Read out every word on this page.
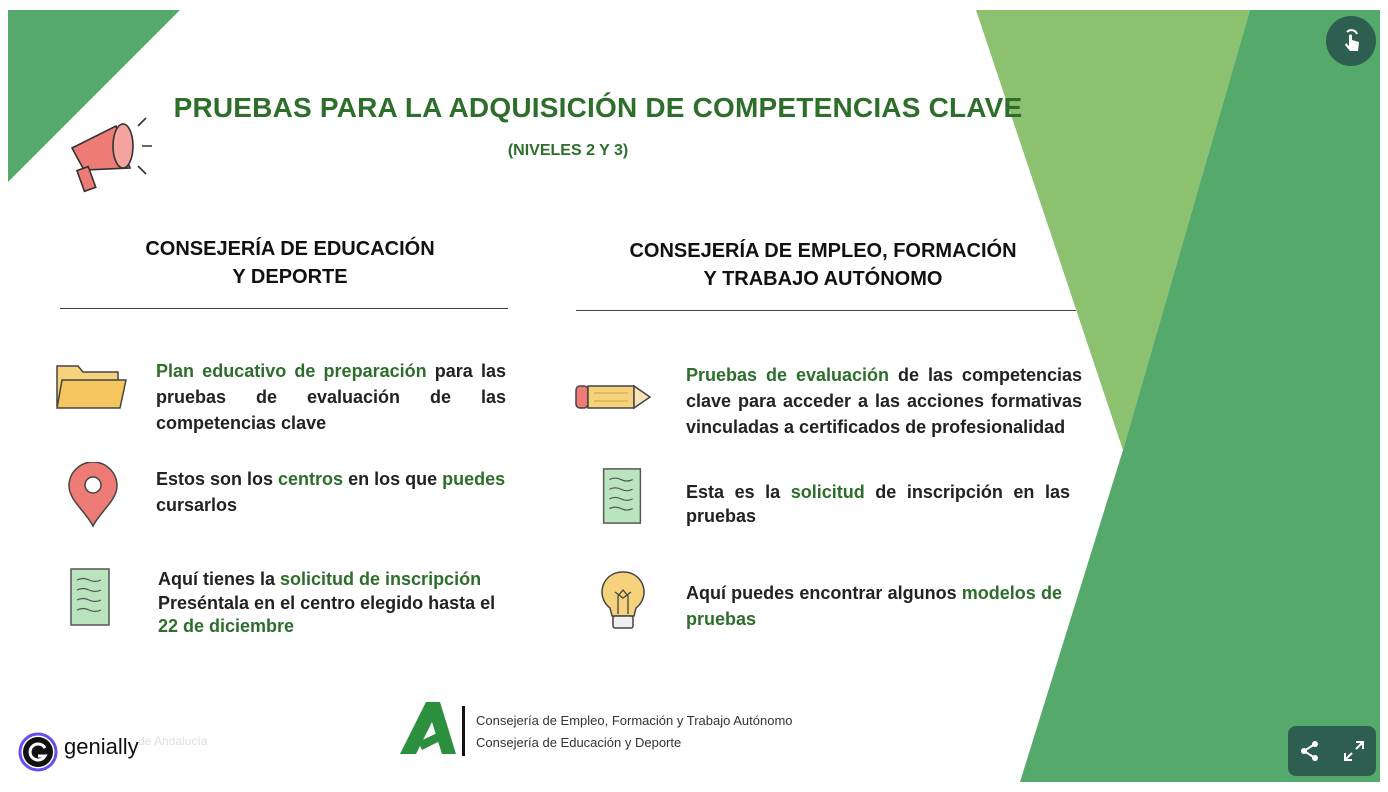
PRUEBAS PARA LA ADQUISICIÓN DE COMPETENCIAS CLAVE
(NIVELES 2 Y 3)
CONSEJERÍA DE EDUCACIÓN
Y DEPORTE
CONSEJERÍA DE EMPLEO, FORMACIÓN
Y TRABAJO AUTÓNOMO
Plan educativo de preparación para las pruebas de evaluación de las competencias clave
Estos son los centros en los que puedes cursarlos
Aquí tienes la solicitud de inscripción Preséntala en el centro elegido hasta el 22 de diciembre
Pruebas de evaluación de las competencias clave para acceder a las acciones formativas vinculadas a certificados de profesionalidad
Esta es la solicitud de inscripción en las pruebas
Aquí puedes encontrar algunos modelos de pruebas
Consejería de Empleo, Formación y Trabajo Autónomo
Consejería de Educación y Deporte
de Andalucía
genially
